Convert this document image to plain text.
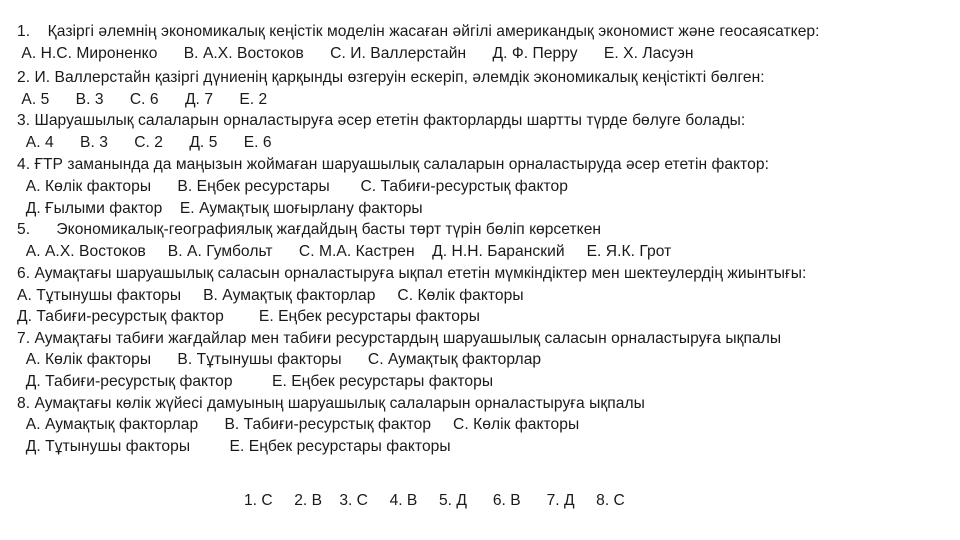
1.    Қазіргі әлемнің экономикалық кеңістік моделін жасаған әйгілі американдық экономист және геосаясаткер:
А. Н.С. Мироненко      В. А.Х. Востоков      С. И. Валлерстайн      Д. Ф. Перру      Е. Х. Ласуэн
2. И. Валлерстайн қазіргі дүниенің қарқынды өзгеруін ескеріп, әлемдік экономикалық кеңістікті бөлген:
А. 5      В. 3      С. 6      Д. 7      Е. 2
3. Шаруашылық салаларын орналастыруға әсер ететін факторларды шартты түрде бөлуге болады:
А. 4      В. 3      С. 2      Д. 5      Е. 6
4. ҒТР заманында да маңызын жоймаған шаруашылық салаларын орналастыруда әсер ететін фактор:
А. Көлік факторы      В. Еңбек ресурстары       С. Табиғи-ресурстық фактор
Д. Ғылыми фактор    Е. Аумақтық шоғырлану факторы
5.      Экономикалық-географиялық жағдайдың басты төрт түрін бөліп көрсеткен
А. А.Х. Востоков     В. А. Гумбольт      С. М.А. Кастрен    Д. Н.Н. Баранский     Е. Я.К. Грот
6. Аумақтағы шаруашылық саласын орналастыруға ықпал ететін мүмкіндіктер мен шектеулердің жиынтығы:
А. Тұтынушы факторы     В. Аумақтық факторлар     С. Көлік факторы
Д. Табиғи-ресурстық фактор        Е. Еңбек ресурстары факторы
7. Аумақтағы табиғи жағдайлар мен табиғи ресурстардың шаруашылық саласын орналастыруға ықпалы
А. Көлік факторы      В. Тұтынушы факторы      С. Аумақтық факторлар
Д. Табиғи-ресурстық фактор         Е. Еңбек ресурстары факторы
8. Аумақтағы көлік жүйесі дамуының шаруашылық салаларын орналастыруға ықпалы
А. Аумақтық факторлар      В. Табиғи-ресурстық фактор     С. Көлік факторы
Д. Тұтынушы факторы         Е. Еңбек ресурстары факторы
1. С     2. В    3. С     4. В     5. Д      6. В      7. Д     8. С
